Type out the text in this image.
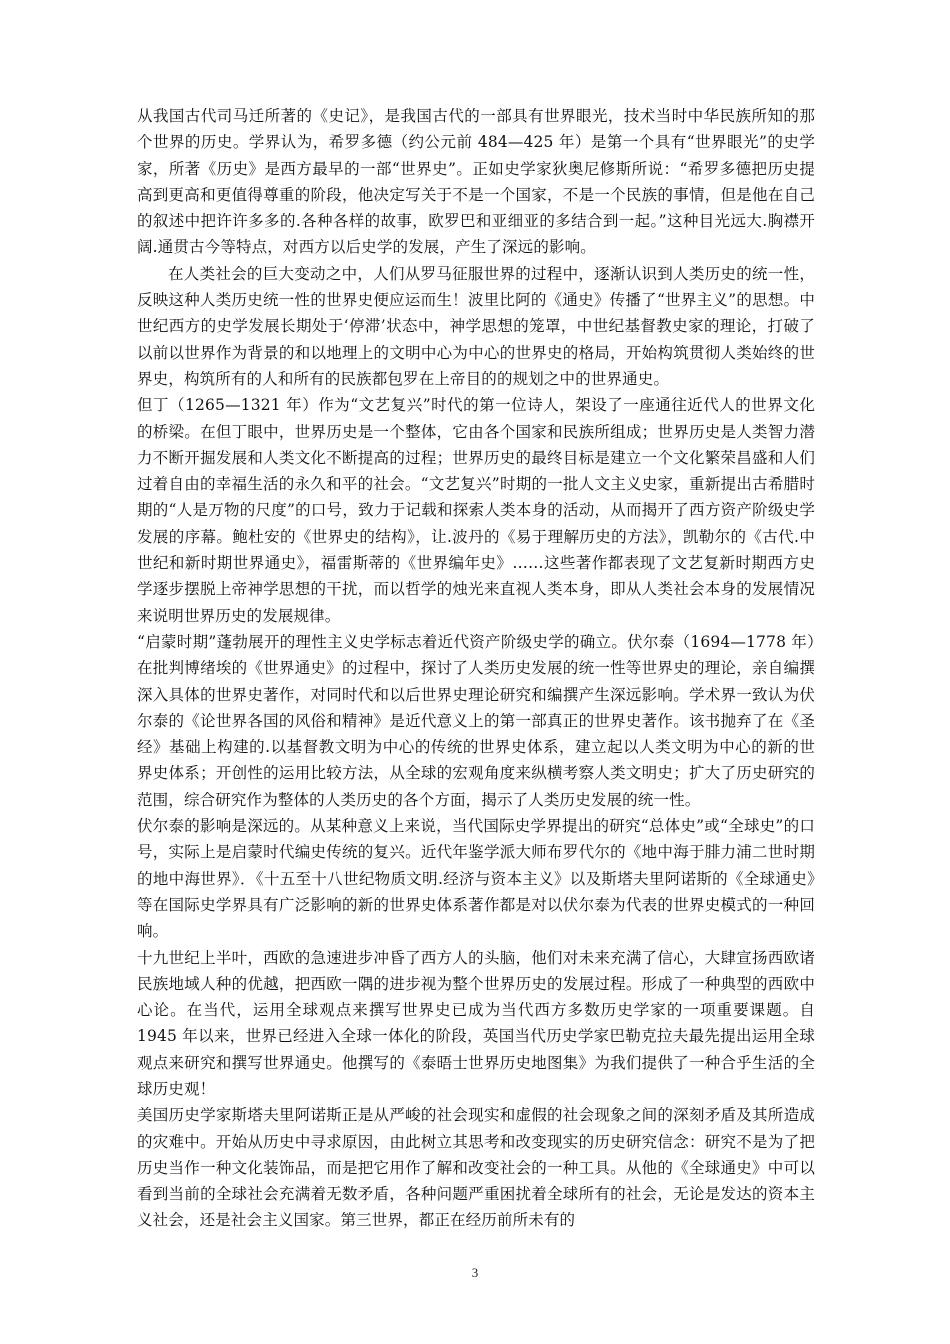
从我国古代司马迁所著的《史记》，是我国古代的一部具有世界眼光，技术当时中华民族所知的那个世界的历史。学界认为，希罗多德（约公元前 484—425 年）是第一个具有“世界眼光”的史学家，所著《历史》是西方最早的一部“世界史”。正如史学家狄奥尼修斯所说：“希罗多德把历史提高到更高和更值得尊重的阶段，他决定写关于不是一个国家，不是一个民族的事情，但是他在自己的叙述中把许许多多的.各种各样的故事，欧罗巴和亚细亚的多结合到一起。”这种目光远大.胸襟开阔.通贯古今等特点，对西方以后史学的发展，产生了深远的影响。

在人类社会的巨大变动之中，人们从罗马征服世界的过程中，逐渐认识到人类历史的统一性，反映这种人类历史统一性的世界史便应运而生！波里比阿的《通史》传播了“世界主义”的思想。中世纪西方的史学发展长期处于‘停滞’状态中，神学思想的笼罩，中世纪基督教史家的理论，打破了以前以世界作为背景的和以地理上的文明中心为中心的世界史的格局，开始构筑贯彻人类始终的世界史，构筑所有的人和所有的民族都包罗在上帝目的的规划之中的世界通史。

但丁（1265—1321 年）作为“文艺复兴”时代的第一位诗人，架设了一座通往近代人的世界文化的桥梁。在但丁眼中，世界历史是一个整体，它由各个国家和民族所组成；世界历史是人类智力潜力不断开掘发展和人类文化不断提高的过程；世界历史的最终目标是建立一个文化繁荣昌盛和人们过着自由的幸福生活的永久和平的社会。“文艺复兴”时期的一批人文主义史家，重新提出古希腊时期的“人是万物的尺度”的口号，致力于记载和探索人类本身的活动，从而揭开了西方资产阶级史学发展的序幕。鲍杜安的《世界史的结构》，让.波丹的《易于理解历史的方法》，凯勒尔的《古代.中世纪和新时期世界通史》，福雷斯蒂的《世界编年史》……这些著作都表现了文艺复新时期西方史学逐步摆脱上帝神学思想的干扰，而以哲学的烛光来直视人类本身，即从人类社会本身的发展情况来说明世界历史的发展规律。

“启蒙时期”蓬勃展开的理性主义史学标志着近代资产阶级史学的确立。伏尔泰（1694—1778 年）在批判博绪埃的《世界通史》的过程中，探讨了人类历史发展的统一性等世界史的理论，亲自编撰深入具体的世界史著作，对同时代和以后世界史理论研究和编撰产生深远影响。学术界一致认为伏尔泰的《论世界各国的风俗和精神》是近代意义上的第一部真正的世界史著作。该书抛弃了在《圣经》基础上构建的.以基督教文明为中心的传统的世界史体系，建立起以人类文明为中心的新的世界史体系；开创性的运用比较方法，从全球的宏观角度来纵横考察人类文明史；扩大了历史研究的范围，综合研究作为整体的人类历史的各个方面，揭示了人类历史发展的统一性。

伏尔泰的影响是深远的。从某种意义上来说，当代国际史学界提出的研究“总体史”或“全球史”的口号，实际上是启蒙时代编史传统的复兴。近代年鉴学派大师布罗代尔的《地中海于腓力浦二世时期的地中海世界》．《十五至十八世纪物质文明.经济与资本主义》以及斯塔夫里阿诺斯的《全球通史》等在国际史学界具有广泛影响的新的世界史体系著作都是对以伏尔泰为代表的世界史模式的一种回响。

十九世纪上半叶，西欧的急速进步冲昏了西方人的头脑，他们对未来充满了信心，大肆宣扬西欧诸民族地域人种的优越，把西欧一隅的进步视为整个世界历史的发展过程。形成了一种典型的西欧中心论。在当代，运用全球观点来撰写世界史已成为当代西方多数历史学家的一项重要课题。自 1945 年以来，世界已经进入全球一体化的阶段，英国当代历史学家巴勒克拉夫最先提出运用全球观点来研究和撰写世界通史。他撰写的《泰晤士世界历史地图集》为我们提供了一种合乎生活的全球历史观！

美国历史学家斯塔夫里阿诺斯正是从严峻的社会现实和虚假的社会现象之间的深刻矛盾及其所造成的灾难中。开始从历史中寻求原因，由此树立其思考和改变现实的历史研究信念：研究不是为了把历史当作一种文化装饰品，而是把它用作了解和改变社会的一种工具。从他的《全球通史》中可以看到当前的全球社会充满着无数矛盾，各种问题严重困扰着全球所有的社会，无论是发达的资本主义社会，还是社会主义国家。第三世界，都正在经历前所未有的

3
